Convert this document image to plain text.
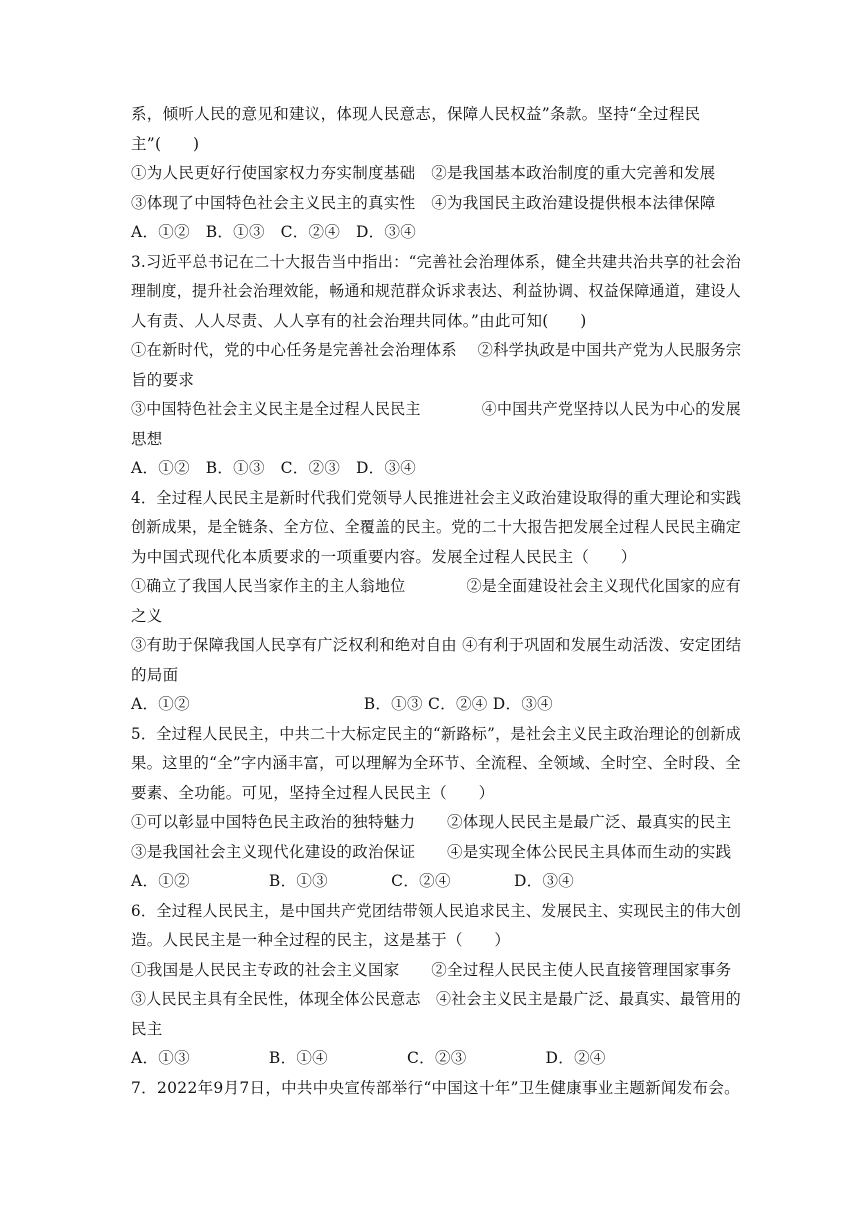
系，倾听人民的意见和建议，体现人民意志，保障人民权益”条款。坚持“全过程民
主”(　　)
①为人民更好行使国家权力夯实制度基础　②是我国基本政治制度的重大完善和发展
③体现了中国特色社会主义民主的真实性　④为我国民主政治建设提供根本法律保障
A．①②　B．①③　C．②④　D．③④
3.习近平总书记在二十大报告当中指出：“完善社会治理体系，健全共建共治共享的社会治
理制度，提升社会治理效能，畅通和规范群众诉求表达、利益协调、权益保障通道，建设人
人有责、人人尽责、人人享有的社会治理共同体。”由此可知(　　)
①在新时代，党的中心任务是完善社会治理体系　 ②科学执政是中国共产党为人民服务宗
旨的要求
③中国特色社会主义民主是全过程人民民主　　　　④中国共产党坚持以人民为中心的发展
思想
A．①②　B．①③　C．②③　D．③④
4．全过程人民民主是新时代我们党领导人民推进社会主义政治建设取得的重大理论和实践
创新成果，是全链条、全方位、全覆盖的民主。党的二十大报告把发展全过程人民民主确定
为中国式现代化本质要求的一项重要内容。发展全过程人民民主（　　）
①确立了我国人民当家作主的主人翁地位　　　　②是全面建设社会主义现代化国家的应有
之义
③有助于保障我国人民享有广泛权利和绝对自由 ④有利于巩固和发展生动活泼、安定团结
的局面
A．①②　　　　　　　　　　　B．①③ C．②④ D．③④
5．全过程人民民主，中共二十大标定民主的“新路标”，是社会主义民主政治理论的创新成
果。这里的“全”字内涵丰富，可以理解为全环节、全流程、全领域、全时空、全时段、全
要素、全功能。可见，坚持全过程人民民主（　　）
①可以彰显中国特色民主政治的独特魅力　　②体现人民民主是最广泛、最真实的民主
③是我国社会主义现代化建设的政治保证　　④是实现全体公民民主具体而生动的实践
A．①②　　　　　B．①③　　　　C．②④　　　　D．③④
6．全过程人民民主，是中国共产党团结带领人民追求民主、发展民主、实现民主的伟大创
造。人民民主是一种全过程的民主，这是基于（　　）
①我国是人民民主专政的社会主义国家　　②全过程人民民主使人民直接管理国家事务
③人民民主具有全民性，体现全体公民意志　④社会主义民主是最广泛、最真实、最管用的
民主
A．①③　　　　　B．①④　　　　　C．②③　　　　　D．②④
7．2022年9月7日，中共中央宣传部举行“中国这十年”卫生健康事业主题新闻发布会。
